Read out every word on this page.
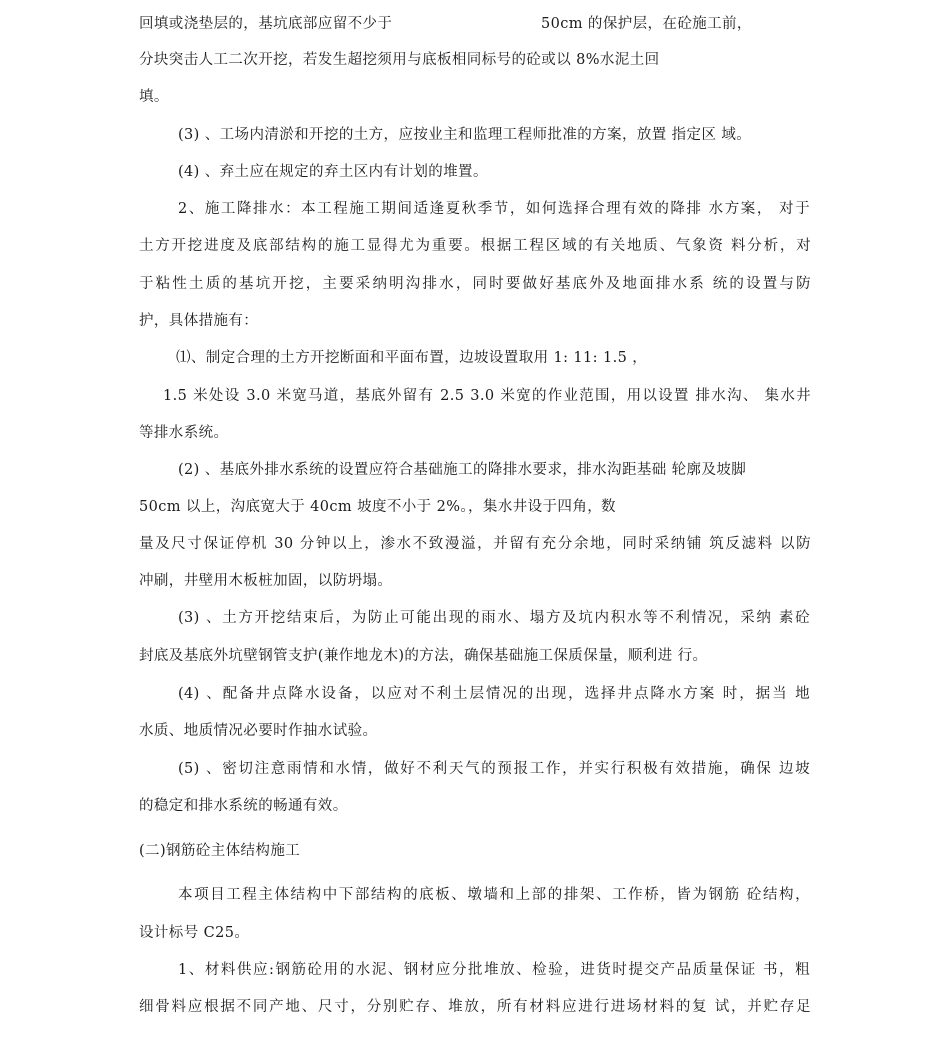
回填或浇垫层的，基坑底部应留不少于	50cm 的保护层，在砼施工前，
分块突击人工二次开挖，若发生超挖须用与底板相同标号的砼或以 8%水泥土回
填。
(3) 、工场内清淤和开挖的土方，应按业主和监理工程师批准的方案，放置 指定区 域。
(4) 、弃土应在规定的弃土区内有计划的堆置。
2、施工降排水：本工程施工期间适逢夏秋季节，如何选择合理有效的降排 水方案， 对于
土方开挖进度及底部结构的施工显得尤为重要。根据工程区域的有关地质、气象资 料分析，对
于粘性土质的基坑开挖，主要采纳明沟排水，同时要做好基底外及地面排水系 统的设置与防
护，具体措施有：
⑴、制定合理的土方开挖断面和平面布置，边坡设置取用 1: 11: 1.5 ，
1.5 米处设 3.0 米宽马道，基底外留有 2.5 3.0 米宽的作业范围，用以设置 排水沟、 集水井
等排水系统。
(2) 、基底外排水系统的设置应符合基础施工的降排水要求，排水沟距基础 轮廓及坡脚
50cm 以上，沟底宽大于 40cm 坡度不小于 2%。，集水井设于四角，
数
量及尺寸保证停机 30 分钟以上，渗水不致漫溢，并留有充分余地，同时采纳铺 筑反滤料 以防
冲刷，井壁用木板桩加固，以防坍塌。
(3) 、土方开挖结束后，为防止可能出现的雨水、塌方及坑内积水等不利情况，采纳 素砼
封底及基底外坑壁钢管支护(兼作地龙木)的方法，确保基础施工保质保量，顺利进 行。
(4) 、配备井点降水设备，以应对不利土层情况的出现，选择井点降水方案 时，据当 地
水质、地质情况必要时作抽水试验。
(5) 、密切注意雨情和水情，做好不利天气的预报工作，并实行积极有效措施，确保 边坡
的稳定和排水系统的畅通有效。
(二)钢筋砼主体结构施工
本项目工程主体结构中下部结构的底板、墩墙和上部的排架、工作桥，皆为钢筋 砼结构，
设计标号 C25。
1、材料供应:钢筋砼用的水泥、钢材应分批堆放、检验，进货时提交产品质量保证 书，粗
细骨料应根据不同产地、尺寸，分别贮存、堆放，所有材料应进行进场材料的复 试，并贮存足
